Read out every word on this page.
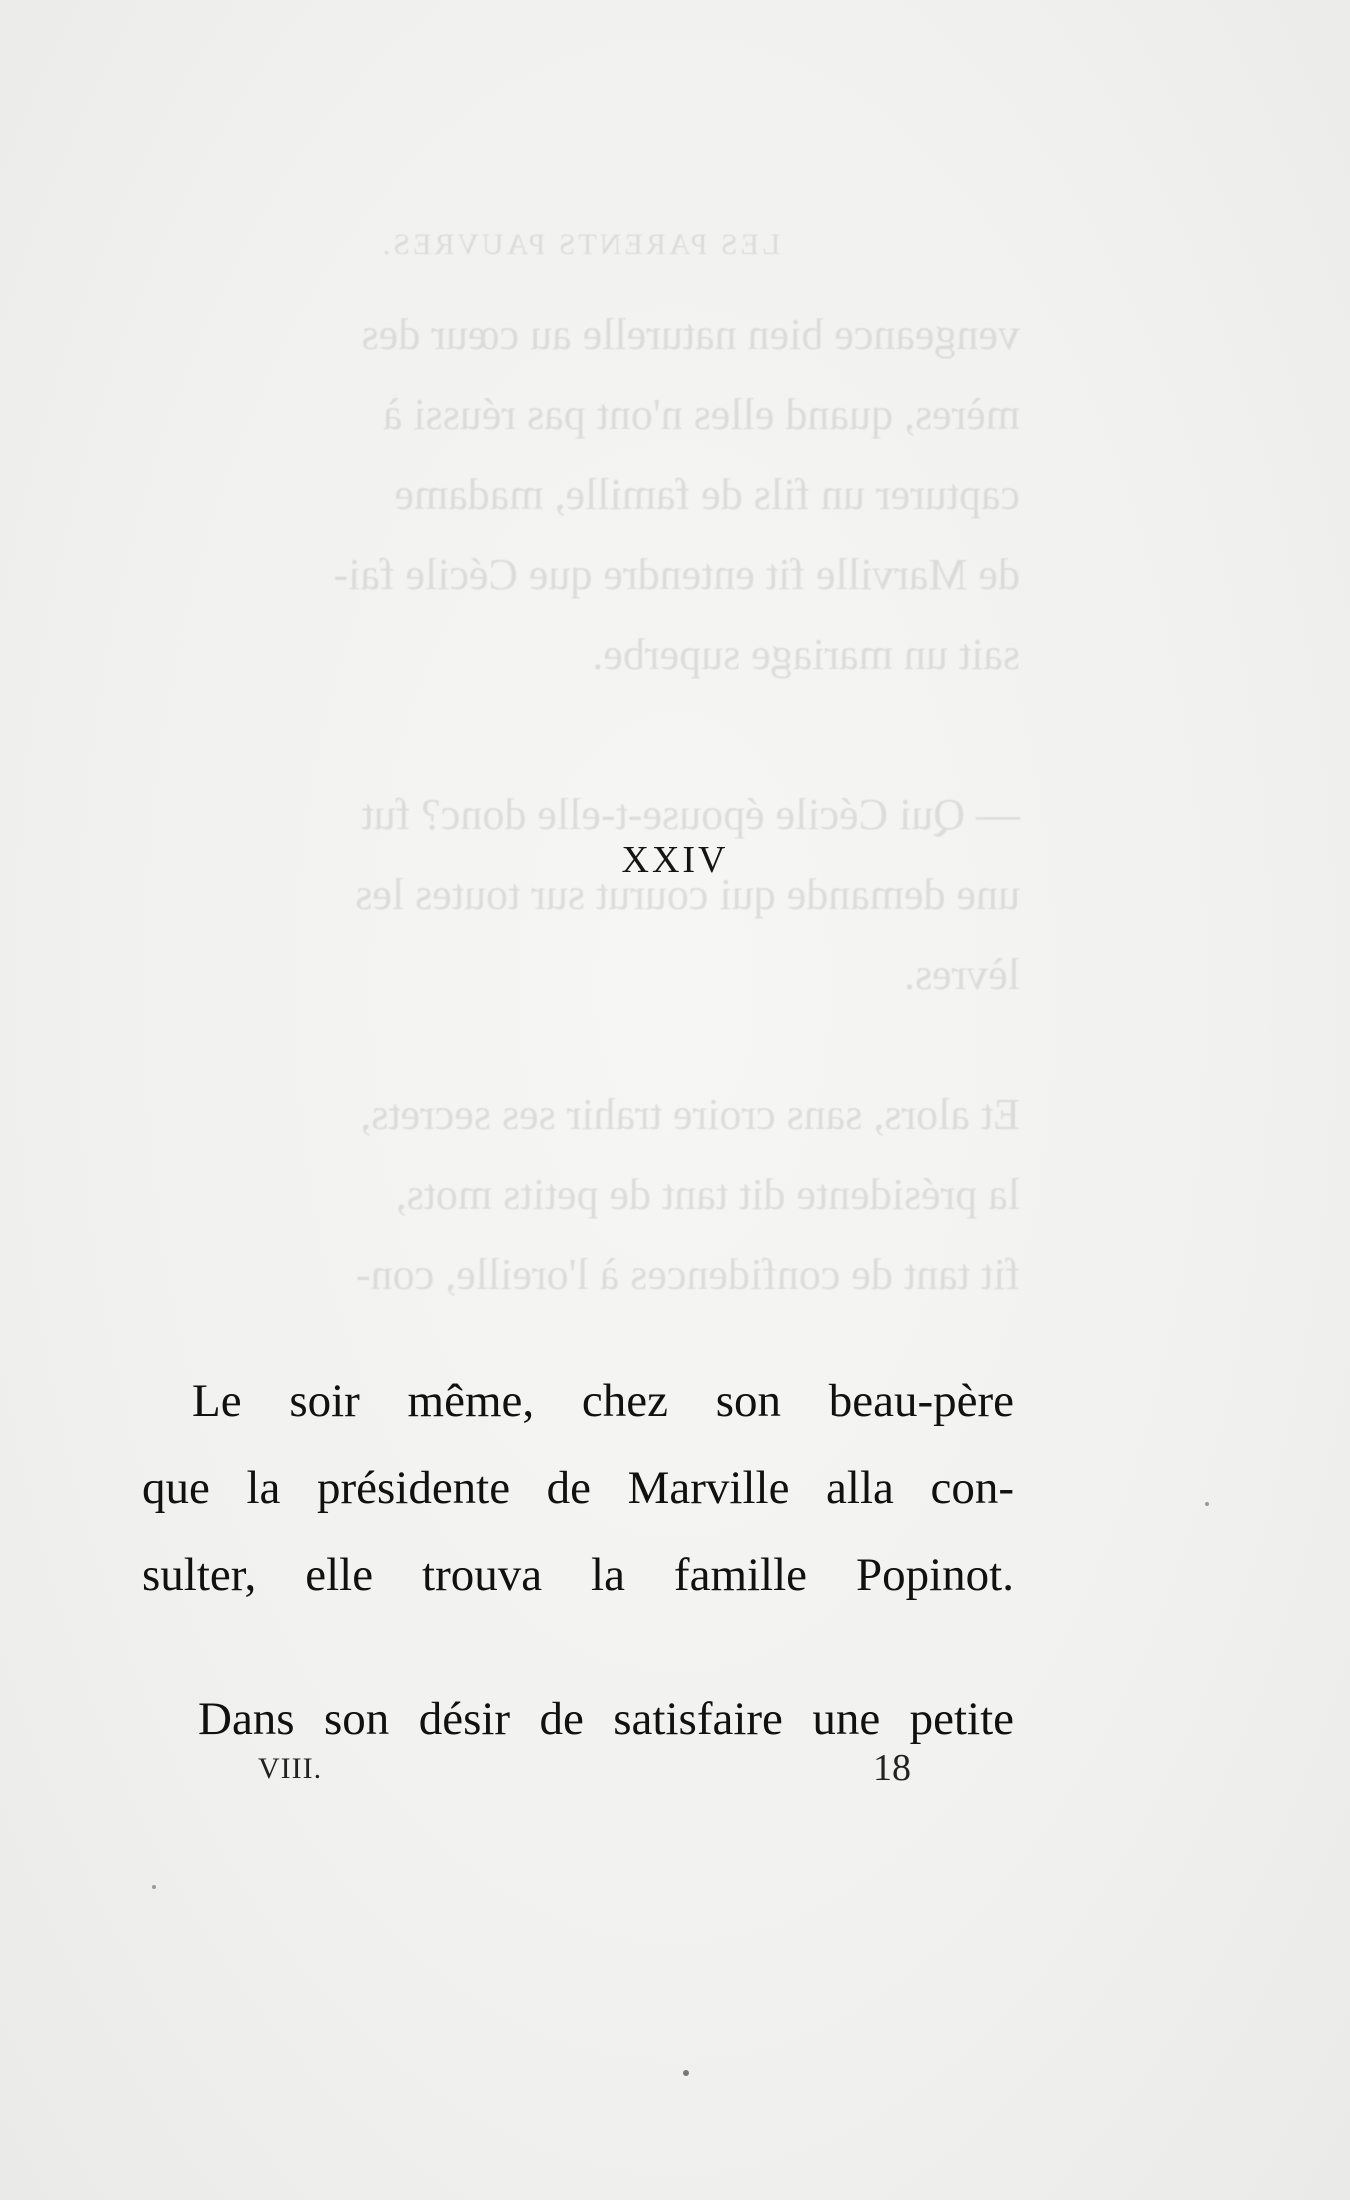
LES PARENTS PAUVRES.
vengeance bien naturelle au cœur des
mères, quand elles n'ont pas réussi à
capturer un fils de famille, madame
de Marville fit entendre que Cécile fai-
sait un mariage superbe.
— Qui Cécile épouse-t-elle donc? fut
une demande qui courut sur toutes les
lèvres.
Et alors, sans croire trahir ses secrets,
la présidente dit tant de petits mots,
fit tant de confidences à l'oreille, con-
XXIV
Le soir même, chez son beau-père
que la présidente de Marville alla con-
sulter, elle trouva la famille Popinot.
Dans son désir de satisfaire une petite
VIII.	18
